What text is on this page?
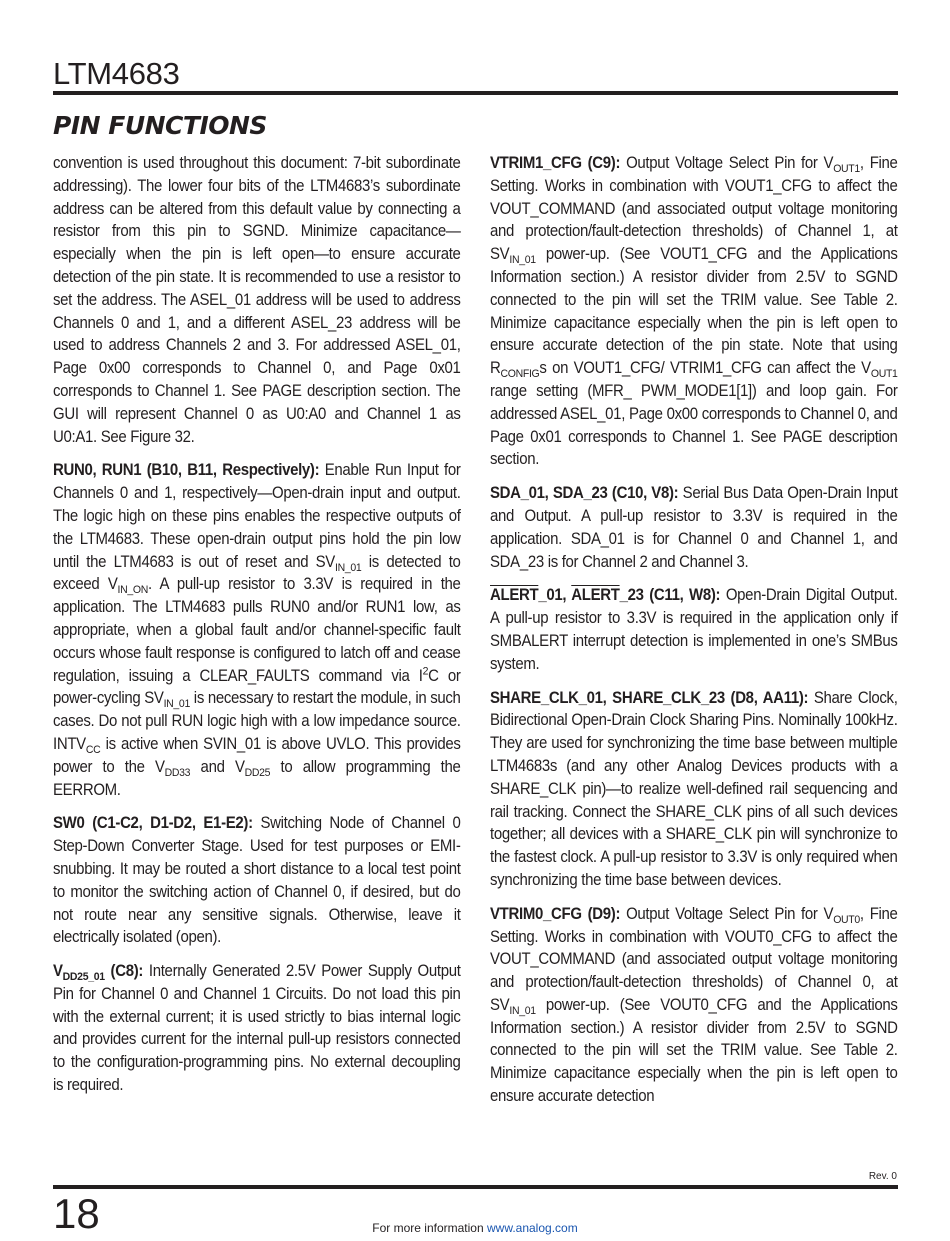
LTM4683
PIN FUNCTIONS

convention is used throughout this document: 7-bit subordinate addressing). The lower four bits of the LTM4683’s subordinate address can be altered from this default value by connecting a resistor from this pin to SGND. Minimize capacitance—especially when the pin is left open—to ensure accurate detection of the pin state. It is recommended to use a resistor to set the address. The ASEL_01 address will be used to address Channels 0 and 1, and a different ASEL_23 address will be used to address Channels 2 and 3. For addressed ASEL_01, Page 0x00 corresponds to Channel 0, and Page 0x01 corresponds to Channel 1. See PAGE description section. The GUI will represent Channel 0 as U0:A0 and Channel 1 as U0:A1. See Figure 32.

RUN0, RUN1 (B10, B11, Respectively): Enable Run Input for Channels 0 and 1, respectively—Open-drain input and output. The logic high on these pins enables the respective outputs of the LTM4683. These open-drain output pins hold the pin low until the LTM4683 is out of reset and $SV_{IN\_01}$ is detected to exceed $V_{IN\_ON}$. A pull-up resistor to 3.3V is required in the application. The LTM4683 pulls RUN0 and/or RUN1 low, as appropriate, when a global fault and/or channel-specific fault occurs whose fault response is configured to latch off and cease regulation, issuing a CLEAR_FAULTS command via $I^2C$ or power-cycling $SV_{IN\_01}$ is necessary to restart the module, in such cases. Do not pull RUN logic high with a low impedance source. $INTV_{CC}$ is active when SVIN_01 is above UVLO. This provides power to the $V_{DD33}$ and $V_{DD25}$ to allow programming the EERROM.

SW0 (C1-C2, D1-D2, E1-E2): Switching Node of Channel 0 Step-Down Converter Stage. Used for test purposes or EMI-snubbing. It may be routed a short distance to a local test point to monitor the switching action of Channel 0, if desired, but do not route near any sensitive signals. Otherwise, leave it electrically isolated (open).

$V_{DD25\_01}$ (C8): Internally Generated 2.5V Power Supply Output Pin for Channel 0 and Channel 1 Circuits. Do not load this pin with the external current; it is used strictly to bias internal logic and provides current for the internal pull-up resistors connected to the configuration-programming pins. No external decoupling is required.

VTRIM1_CFG (C9): Output Voltage Select Pin for $V_{OUT1}$, Fine Setting. Works in combination with VOUT1_CFG to affect the VOUT_COMMAND (and associated output voltage monitoring and protection/fault-detection thresholds) of Channel 1, at $SV_{IN\_01}$ power-up. (See VOUT1_CFG and the Applications Information section.) A resistor divider from 2.5V to SGND connected to the pin will set the TRIM value. See Table 2. Minimize capacitance especially when the pin is left open to ensure accurate detection of the pin state. Note that using $R_{CONFIG}s$ on VOUT1_CFG/ VTRIM1_CFG can affect the $V_{OUT1}$ range setting (MFR_ PWM_MODE1[1]) and loop gain. For addressed ASEL_01, Page 0x00 corresponds to Channel 0, and Page 0x01 corresponds to Channel 1. See PAGE description section.

SDA_01, SDA_23 (C10, V8): Serial Bus Data Open-Drain Input and Output. A pull-up resistor to 3.3V is required in the application. SDA_01 is for Channel 0 and Channel 1, and SDA_23 is for Channel 2 and Channel 3.

ALERT_01, ALERT_23 (C11, W8): Open-Drain Digital Output. A pull-up resistor to 3.3V is required in the application only if SMBALERT interrupt detection is implemented in one’s SMBus system.

SHARE_CLK_01, SHARE_CLK_23 (D8, AA11): Share Clock, Bidirectional Open-Drain Clock Sharing Pins. Nominally 100kHz. They are used for synchronizing the time base between multiple LTM4683s (and any other Analog Devices products with a SHARE_CLK pin)—to realize well-defined rail sequencing and rail tracking. Connect the SHARE_CLK pins of all such devices together; all devices with a SHARE_CLK pin will synchronize to the fastest clock. A pull-up resistor to 3.3V is only required when synchronizing the time base between devices.

VTRIM0_CFG (D9): Output Voltage Select Pin for $V_{OUT0}$, Fine Setting. Works in combination with VOUT0_CFG to affect the VOUT_COMMAND (and associated output voltage monitoring and protection/fault-detection thresholds) of Channel 0, at $SV_{IN\_01}$ power-up. (See VOUT0_CFG and the Applications Information section.) A resistor divider from 2.5V to SGND connected to the pin will set the TRIM value. See Table 2. Minimize capacitance especially when the pin is left open to ensure accurate detection

Rev. 0
18	For more information www.analog.com
